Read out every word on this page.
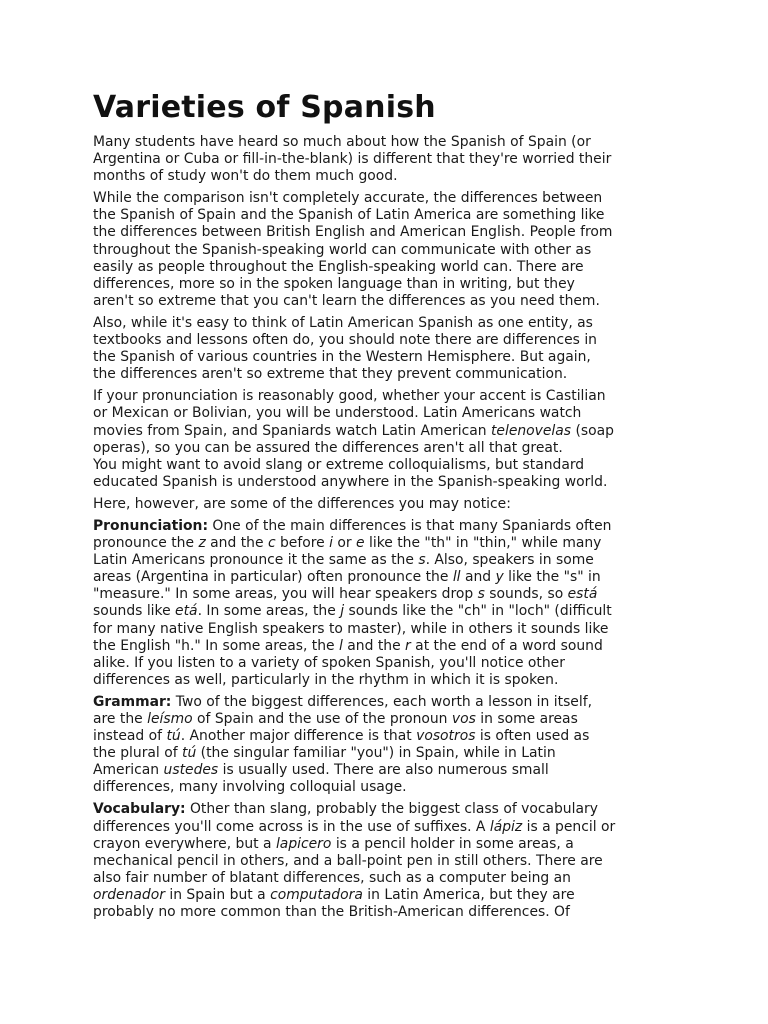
Varieties of Spanish

Many students have heard so much about how the Spanish of Spain (or
Argentina or Cuba or fill-in-the-blank) is different that they're worried their
months of study won't do them much good.

While the comparison isn't completely accurate, the differences between
the Spanish of Spain and the Spanish of Latin America are something like
the differences between British English and American English. People from
throughout the Spanish-speaking world can communicate with other as
easily as people throughout the English-speaking world can. There are
differences, more so in the spoken language than in writing, but they
aren't so extreme that you can't learn the differences as you need them.

Also, while it's easy to think of Latin American Spanish as one entity, as
textbooks and lessons often do, you should note there are differences in
the Spanish of various countries in the Western Hemisphere. But again,
the differences aren't so extreme that they prevent communication.

If your pronunciation is reasonably good, whether your accent is Castilian
or Mexican or Bolivian, you will be understood. Latin Americans watch
movies from Spain, and Spaniards watch Latin American telenovelas (soap
operas), so you can be assured the differences aren't all that great.
You might want to avoid slang or extreme colloquialisms, but standard
educated Spanish is understood anywhere in the Spanish-speaking world.

Here, however, are some of the differences you may notice:

Pronunciation: One of the main differences is that many Spaniards often
pronounce the z and the c before i or e like the "th" in "thin," while many
Latin Americans pronounce it the same as the s. Also, speakers in some
areas (Argentina in particular) often pronounce the ll and y like the "s" in
"measure." In some areas, you will hear speakers drop s sounds, so está
sounds like etá. In some areas, the j sounds like the "ch" in "loch" (difficult
for many native English speakers to master), while in others it sounds like
the English "h." In some areas, the l and the r at the end of a word sound
alike. If you listen to a variety of spoken Spanish, you'll notice other
differences as well, particularly in the rhythm in which it is spoken.

Grammar: Two of the biggest differences, each worth a lesson in itself,
are the leísmo of Spain and the use of the pronoun vos in some areas
instead of tú. Another major difference is that vosotros is often used as
the plural of tú (the singular familiar "you") in Spain, while in Latin
American ustedes is usually used. There are also numerous small
differences, many involving colloquial usage.

Vocabulary: Other than slang, probably the biggest class of vocabulary
differences you'll come across is in the use of suffixes. A lápiz is a pencil or
crayon everywhere, but a lapicero is a pencil holder in some areas, a
mechanical pencil in others, and a ball-point pen in still others. There are
also fair number of blatant differences, such as a computer being an
ordenador in Spain but a computadora in Latin America, but they are
probably no more common than the British-American differences. Of
